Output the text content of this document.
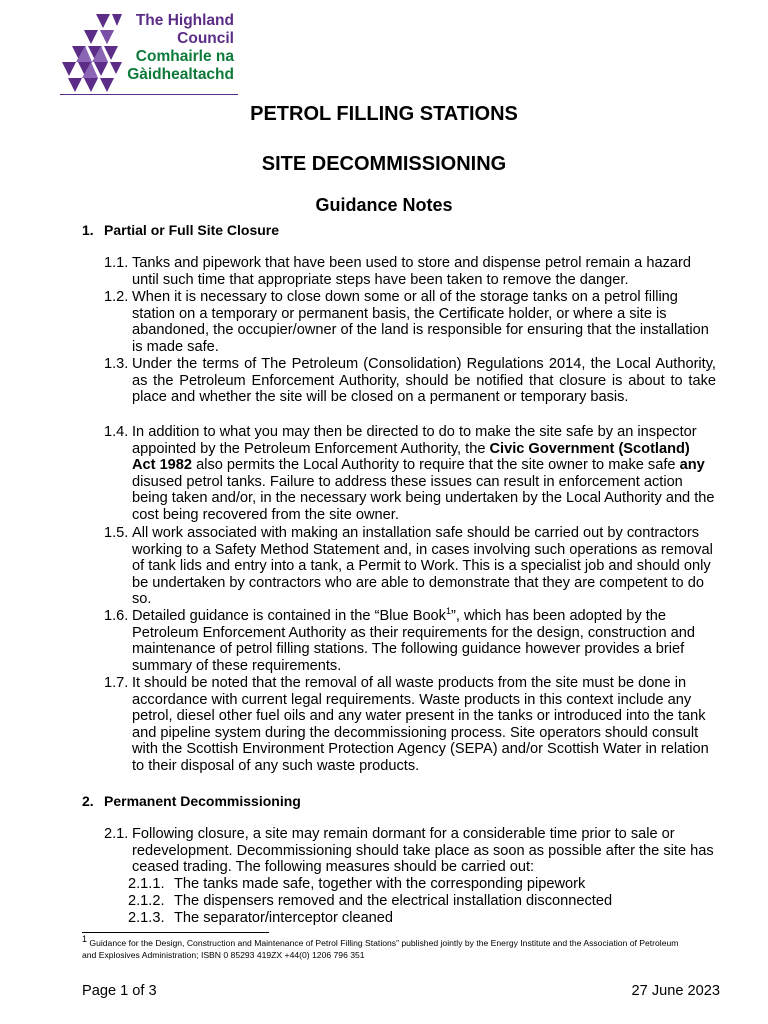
The Highland
Council
Comhairle na
Gàidhealtachd
PETROL FILLING STATIONS
SITE DECOMMISSIONING
Guidance Notes
1. Partial or Full Site Closure
1.1. Tanks and pipework that have been used to store and dispense petrol remain a hazard until such time that appropriate steps have been taken to remove the danger.
1.2. When it is necessary to close down some or all of the storage tanks on a petrol filling station on a temporary or permanent basis, the Certificate holder, or where a site is abandoned, the occupier/owner of the land is responsible for ensuring that the installation is made safe.
1.3. Under the terms of The Petroleum (Consolidation) Regulations 2014, the Local Authority, as the Petroleum Enforcement Authority, should be notified that closure is about to take place and whether the site will be closed on a permanent or temporary basis.
1.4. In addition to what you may then be directed to do to make the site safe by an inspector appointed by the Petroleum Enforcement Authority, the Civic Government (Scotland) Act 1982 also permits the Local Authority to require that the site owner to make safe any disused petrol tanks. Failure to address these issues can result in enforcement action being taken and/or, in the necessary work being undertaken by the Local Authority and the cost being recovered from the site owner.
1.5. All work associated with making an installation safe should be carried out by contractors working to a Safety Method Statement and, in cases involving such operations as removal of tank lids and entry into a tank, a Permit to Work. This is a specialist job and should only be undertaken by contractors who are able to demonstrate that they are competent to do so.
1.6. Detailed guidance is contained in the “Blue Book$^1$”, which has been adopted by the Petroleum Enforcement Authority as their requirements for the design, construction and maintenance of petrol filling stations. The following guidance however provides a brief summary of these requirements.
1.7. It should be noted that the removal of all waste products from the site must be done in accordance with current legal requirements. Waste products in this context include any petrol, diesel other fuel oils and any water present in the tanks or introduced into the tank and pipeline system during the decommissioning process. Site operators should consult with the Scottish Environment Protection Agency (SEPA) and/or Scottish Water in relation to their disposal of any such waste products.
2. Permanent Decommissioning
2.1. Following closure, a site may remain dormant for a considerable time prior to sale or redevelopment. Decommissioning should take place as soon as possible after the site has ceased trading. The following measures should be carried out:
2.1.1. The tanks made safe, together with the corresponding pipework
2.1.2. The dispensers removed and the electrical installation disconnected
2.1.3. The separator/interceptor cleaned
$^1$ Guidance for the Design, Construction and Maintenance of Petrol Filling Stations” published jointly by the Energy Institute and the Association of Petroleum and Explosives Administration; ISBN 0 85293 419ZX +44(0) 1206 796 351
Page 1 of 3	27 June 2023
